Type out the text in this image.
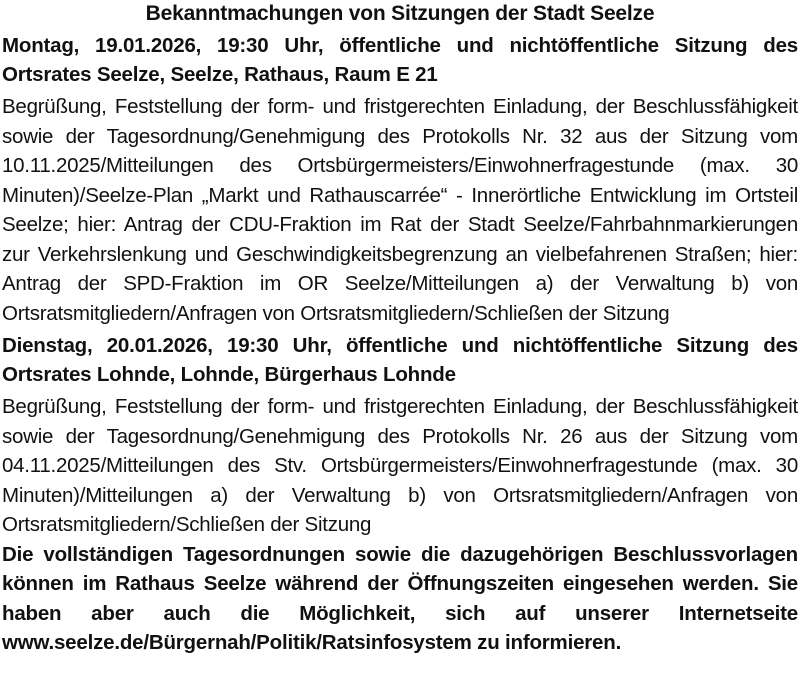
Bekanntmachungen von Sitzungen der Stadt Seelze

Montag, 19.01.2026, 19:30 Uhr, öffentliche und nichtöffentliche Sitzung des Ortsrates Seelze, Seelze, Rathaus, Raum E 21

Begrüßung, Feststellung der form- und fristgerechten Einladung, der Beschlussfähigkeit sowie der Tagesordnung/Genehmigung des Protokolls Nr. 32 aus der Sitzung vom 10.11.2025/Mitteilungen des Ortsbürgermeisters/Einwohnerfragestunde (max. 30 Minuten)/Seelze-Plan „Markt und Rathauscarrée“ - Innerörtliche Entwicklung im Ortsteil Seelze; hier: Antrag der CDU-Fraktion im Rat der Stadt Seelze/Fahrbahnmarkierungen zur Verkehrslenkung und Geschwindigkeitsbegrenzung an vielbefahrenen Straßen; hier: Antrag der SPD-Fraktion im OR Seelze/Mitteilungen a) der Verwaltung b) von Ortsratsmitgliedern/Anfragen von Ortsratsmitgliedern/Schließen der Sitzung

Dienstag, 20.01.2026, 19:30 Uhr, öffentliche und nichtöffentliche Sitzung des Ortsrates Lohnde, Lohnde, Bürgerhaus Lohnde

Begrüßung, Feststellung der form- und fristgerechten Einladung, der Beschlussfähigkeit sowie der Tagesordnung/Genehmigung des Protokolls Nr. 26 aus der Sitzung vom 04.11.2025/Mitteilungen des Stv. Ortsbürgermeisters/Einwohnerfragestunde (max. 30 Minuten)/Mitteilungen a) der Verwaltung b) von Ortsratsmitgliedern/Anfragen von Ortsratsmitgliedern/Schließen der Sitzung

Die vollständigen Tagesordnungen sowie die dazugehörigen Beschlussvorlagen können im Rathaus Seelze während der Öffnungszeiten eingesehen werden. Sie haben aber auch die Möglichkeit, sich auf unserer Internetseite www.seelze.de/Bürgernah/Politik/Ratsinfosystem zu informieren.
